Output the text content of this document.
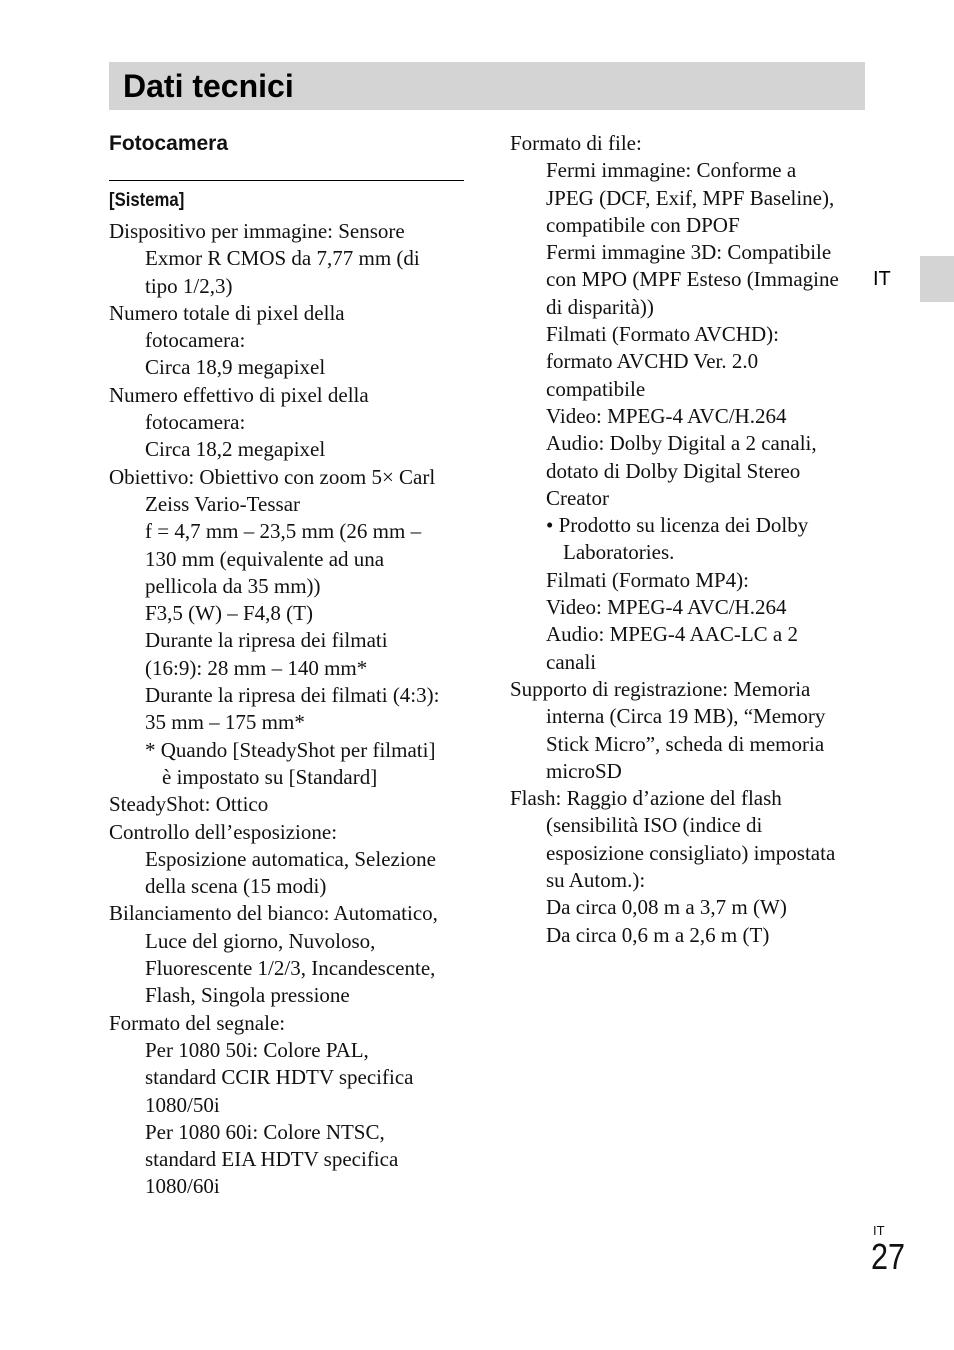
Dati tecnici
IT
Fotocamera
[Sistema]
Dispositivo per immagine: Sensore
Exmor R CMOS da 7,77 mm (di
tipo 1/2,3)
Numero totale di pixel della
fotocamera:
Circa 18,9 megapixel
Numero effettivo di pixel della
fotocamera:
Circa 18,2 megapixel
Obiettivo: Obiettivo con zoom 5× Carl
Zeiss Vario-Tessar
f = 4,7 mm – 23,5 mm (26 mm –
130 mm (equivalente ad una
pellicola da 35 mm))
F3,5 (W) – F4,8 (T)
Durante la ripresa dei filmati
(16:9): 28 mm – 140 mm*
Durante la ripresa dei filmati (4:3):
35 mm – 175 mm*
* Quando [SteadyShot per filmati]
è impostato su [Standard]
SteadyShot: Ottico
Controllo dell’esposizione:
Esposizione automatica, Selezione
della scena (15 modi)
Bilanciamento del bianco: Automatico,
Luce del giorno, Nuvoloso,
Fluorescente 1/2/3, Incandescente,
Flash, Singola pressione
Formato del segnale:
Per 1080 50i: Colore PAL,
standard CCIR HDTV specifica
1080/50i
Per 1080 60i: Colore NTSC,
standard EIA HDTV specifica
1080/60i
Formato di file:
Fermi immagine: Conforme a
JPEG (DCF, Exif, MPF Baseline),
compatibile con DPOF
Fermi immagine 3D: Compatibile
con MPO (MPF Esteso (Immagine
di disparità))
Filmati (Formato AVCHD):
formato AVCHD Ver. 2.0
compatibile
Video: MPEG-4 AVC/H.264
Audio: Dolby Digital a 2 canali,
dotato di Dolby Digital Stereo
Creator
• Prodotto su licenza dei Dolby
Laboratories.
Filmati (Formato MP4):
Video: MPEG-4 AVC/H.264
Audio: MPEG-4 AAC-LC a 2
canali
Supporto di registrazione: Memoria
interna (Circa 19 MB), “Memory
Stick Micro”, scheda di memoria
microSD
Flash: Raggio d’azione del flash
(sensibilità ISO (indice di
esposizione consigliato) impostata
su Autom.):
Da circa 0,08 m a 3,7 m (W)
Da circa 0,6 m a 2,6 m (T)
IT
27
